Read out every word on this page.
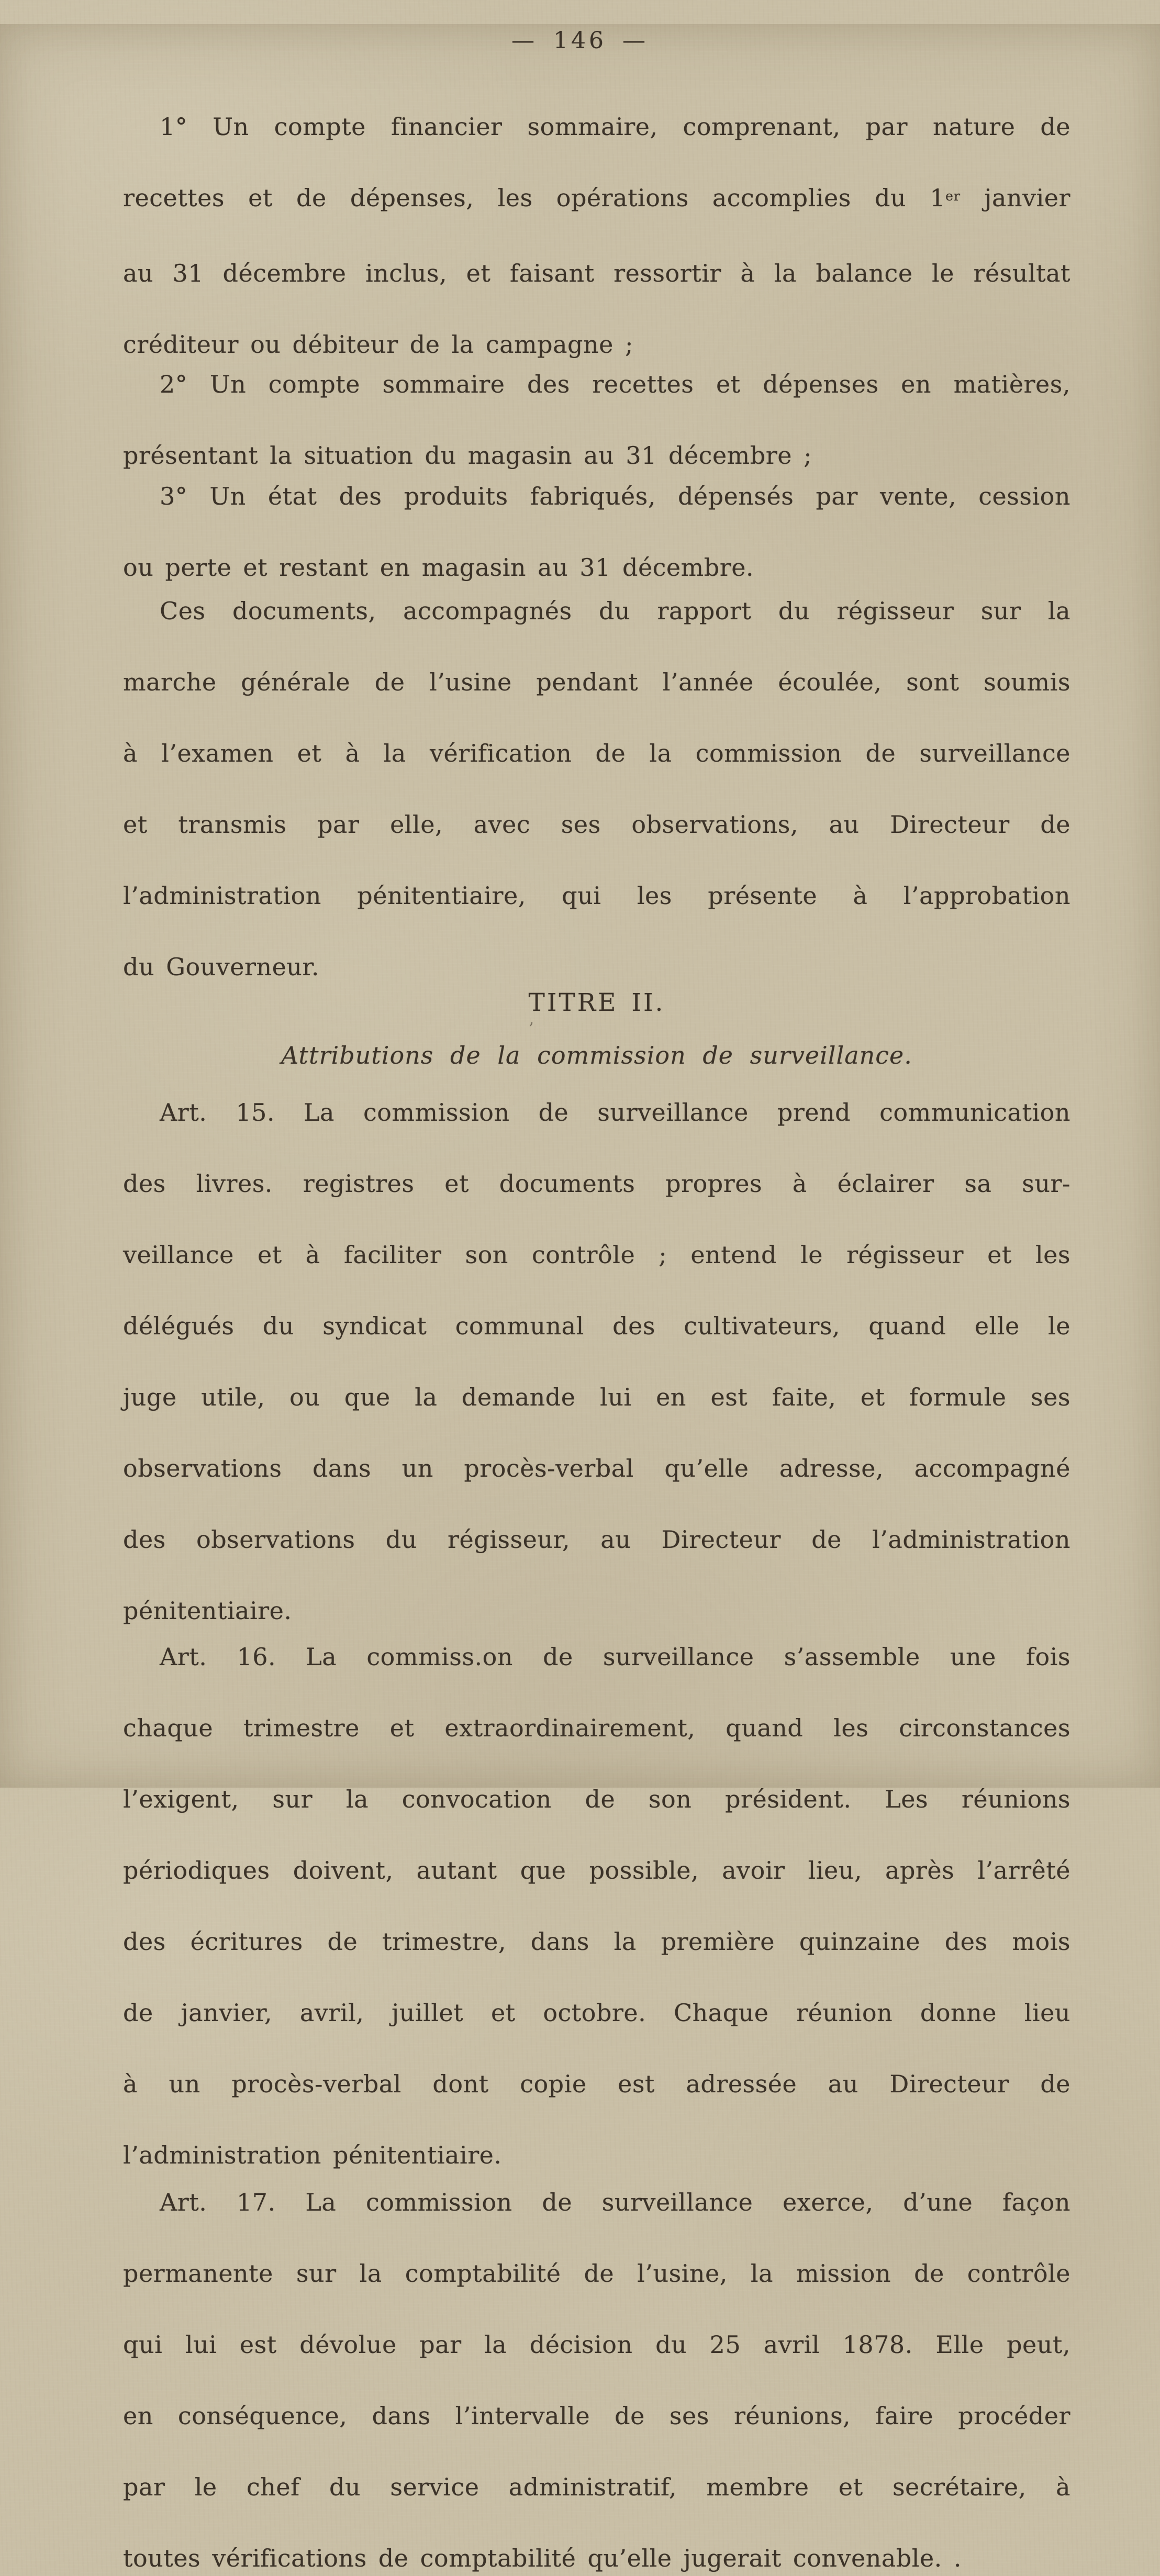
— 146 —

1° Un compte financier sommaire, comprenant, par nature de
recettes et de dépenses, les opérations accomplies du 1er janvier
au 31 décembre inclus, et faisant ressortir à la balance le résultat
créditeur ou débiteur de la campagne ;

2° Un compte sommaire des recettes et dépenses en matières,
présentant la situation du magasin au 31 décembre ;

3° Un état des produits fabriqués, dépensés par vente, cession
ou perte et restant en magasin au 31 décembre.

Ces documents, accompagnés du rapport du régisseur sur la
marche générale de l’usine pendant l’année écoulée, sont soumis
à l’examen et à la vérification de la commission de surveillance
et transmis par elle, avec ses observations, au Directeur de
l’administration pénitentiaire, qui les présente à l’approbation
du Gouverneur.

TITRE II.
’
Attributions de la commission de surveillance.

Art. 15. La commission de surveillance prend communication
des livres. registres et documents propres à éclairer sa sur-
veillance et à faciliter son contrôle ; entend le régisseur et les
délégués du syndicat communal des cultivateurs, quand elle le
juge utile, ou que la demande lui en est faite, et formule ses
observations dans un procès-verbal qu’elle adresse, accompagné
des observations du régisseur, au Directeur de l’administration
pénitentiaire.

Art. 16. La commiss.on de surveillance s’assemble une fois
chaque trimestre et extraordinairement, quand les circonstances
l’exigent, sur la convocation de son président. Les réunions
périodiques doivent, autant que possible, avoir lieu, après l’arrêté
des écritures de trimestre, dans la première quinzaine des mois
de janvier, avril, juillet et octobre. Chaque réunion donne lieu
à un procès-verbal dont copie est adressée au Directeur de
l’administration pénitentiaire.

Art. 17. La commission de surveillance exerce, d’une façon
permanente sur la comptabilité de l’usine, la mission de contrôle
qui lui est dévolue par la décision du 25 avril 1878. Elle peut,
en conséquence, dans l’intervalle de ses réunions, faire procéder
par le chef du service administratif, membre et secrétaire, à
toutes vérifications de comptabilité qu’elle jugerait convenable. .
